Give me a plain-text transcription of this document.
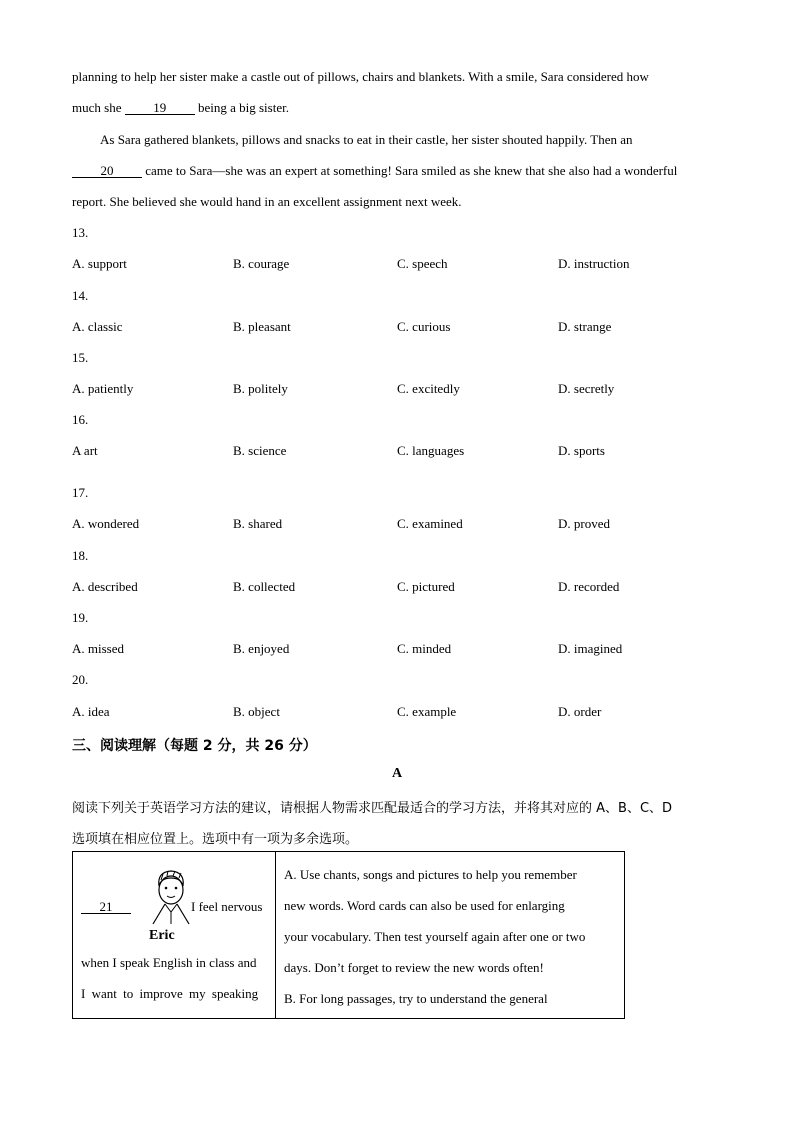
planning to help her sister make a castle out of pillows, chairs and blankets. With a smile, Sara considered how
much she 19 being a big sister.
As Sara gathered blankets, pillows and snacks to eat in their castle, her sister shouted happily. Then an
20 came to Sara—she was an expert at something! Sara smiled as she knew that she also had a wonderful
report. She believed she would hand in an excellent assignment next week.
13.
A. support	B. courage	C. speech	D. instruction
14.
A. classic	B. pleasant	C. curious	D. strange
15.
A. patiently	B. politely	C. excitedly	D. secretly
16.
A art	B. science	C. languages	D. sports
17.
A. wondered	B. shared	C. examined	D. proved
18.
A. described	B. collected	C. pictured	D. recorded
19.
A. missed	B. enjoyed	C. minded	D. imagined
20.
A. idea	B. object	C. example	D. order
三、阅读理解（每题 2 分，共 26 分）
A
阅读下列关于英语学习方法的建议，请根据人物需求匹配最适合的学习方法，并将其对应的 A、B、C、D
选项填在相应位置上。选项中有一项为多余选项。
21
Eric
I feel nervous
when I speak English in class and
I want to improve my speaking

A. Use chants, songs and pictures to help you remember
new words. Word cards can also be used for enlarging
your vocabulary. Then test yourself again after one or two
days. Don’t forget to review the new words often!
B. For long passages, try to understand the general
